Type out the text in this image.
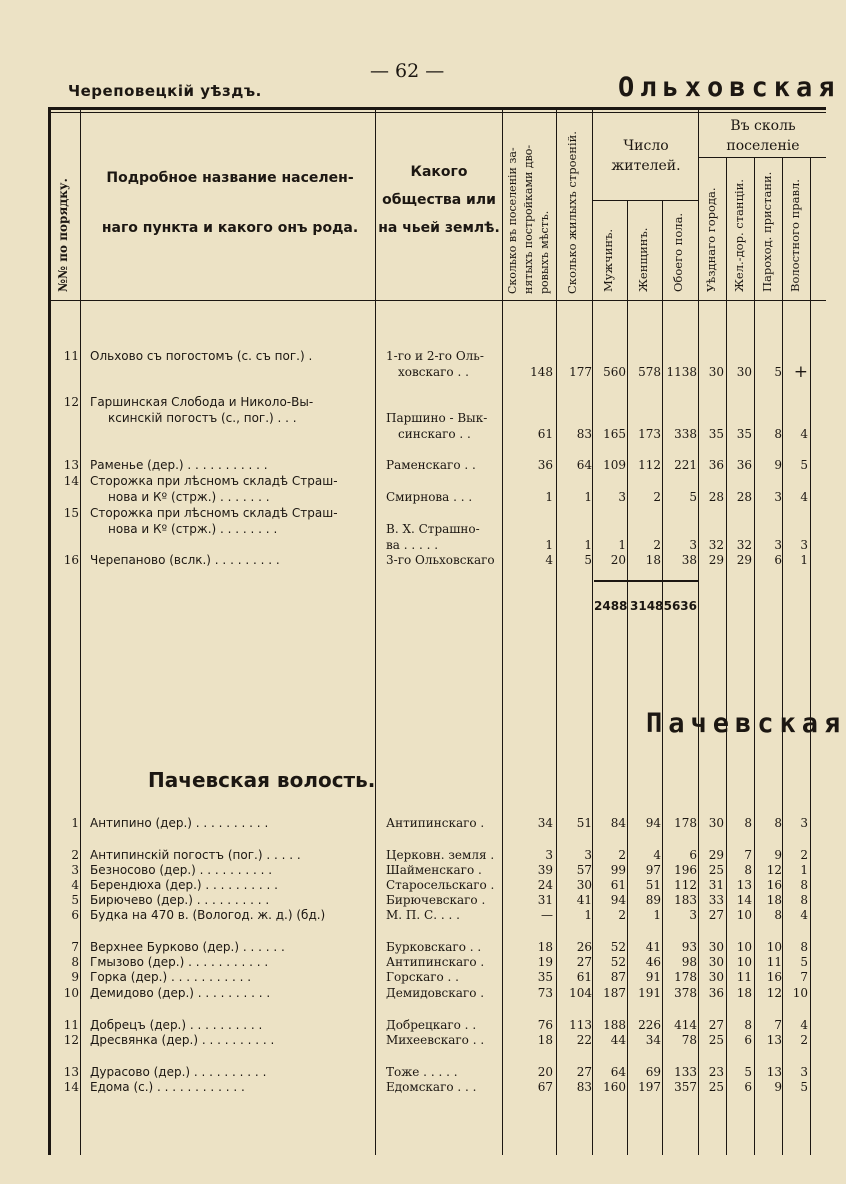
— 62 —
Череповецкій уѣздъ.	Ольховская
№№ по порядку.
Подробное название населен-
наго пункта и какого онъ рода.
Какого
общества или
на чьей землѣ. Сколько въ поселеніи за- нятыхъ постройками дво- ровыхъ мѣстъ. Сколько жилыхъ строеній.	Число
жителей.
Мужчинъ. Женщинъ. Обоего пола.
Въ сколь
поселеніе
Уѣзднаго города. Жел.-дор. станціи. Пароход. пристани. Волостного правл.
11 Ольхово съ погостомъ (с. съ пог.) .	1-го и 2-го Оль-
ховскаго . .	148	177 560	578 1138 30	30	5 +
12 Гаршинская Слобода и Николо-Вы-
ксинскій погостъ (с., пог.) . . .	Паршино - Вык-
синскаго . .	61	83 165	173	338 35	35	8	4
13 Раменье (дер.) . . . . . . . . . . .	Раменскаго . .	36	64 109	112	221 36	36	9	5
14 Сторожка при лѣсномъ складѣ Страш-
нова и Кº (стрж.) . . . . . . .	Смирнова . . .	1	1	3	2	5 28	28	3	4
15 Сторожка при лѣсномъ складѣ Страш-
нова и Кº (стрж.) . . . . . . . .	В. Х. Страшно-
ва . . . . .	1	1	1	2	3 32	32	3	3
16 Черепаново (вслк.) . . . . . . . . .	3-го Ольховскаго	4	5	20	18	38 29	29	6	1
2488 3148 5636
Пачевская
Пачевская волость.
1 Антипино (дер.) . . . . . . . . . .	Антипинскаго .	34	51	84	94	178 30	8	8	3
2 Антипинскій погостъ (пог.) . . . . .	Церковн. земля .	3	3	2	4	6 29	7	9	2
3 Безносово (дер.) . . . . . . . . . .	Шайменскаго .	39	57	99	97	196 25	8	12	1
4 Берендюха (дер.) . . . . . . . . . .	Старосельскаго .	24	30	61	51	112 31	13	16	8
5 Бирючево (дер.) . . . . . . . . . .	Бирючевскаго .	31	41	94	89	183 33	14	18	8
6 Будка на 470 в. (Вологод. ж. д.) (бд.)	М. П. С. . . .	—	1	2	1	3 27	10	8	4
7 Верхнее Бурково (дер.) . . . . . .	Бурковскаго . .	18	26	52	41	93 30	10	10	8
8 Гмызово (дер.) . . . . . . . . . . .	Антипинскаго .	19	27	52	46	98 30	10	11	5
9 Горка (дер.) . . . . . . . . . . .	Горскаго . .	35	61	87	91	178 30	11	16	7
10 Демидово (дер.) . . . . . . . . . .	Демидовскаго .	73	104 187	191	378 36	18	12 10
11 Добрецъ (дер.) . . . . . . . . . .	Добрецкаго . .	76	113 188	226	414 27	8	7	4
12 Дресвянка (дер.) . . . . . . . . . .	Михеевскаго . .	18	22	44	34	78 25	6	13	2
13 Дурасово (дер.) . . . . . . . . . .	Тоже . . . . .	20	27	64	69	133 23	5	13	3
14 Едома (с.) . . . . . . . . . . . .	Едомскаго . . .	67	83 160	197	357 25	6	9	5
